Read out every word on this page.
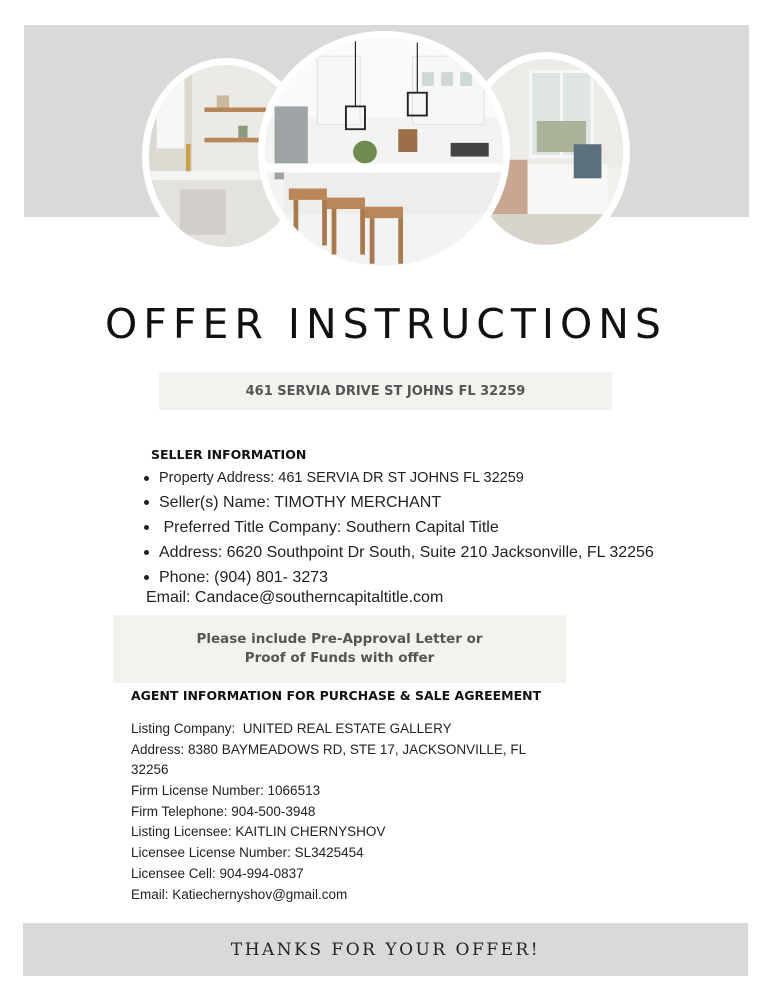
OFFER INSTRUCTIONS
461 SERVIA DRIVE ST JOHNS FL 32259
SELLER INFORMATION
Property Address: 461 SERVIA DR ST JOHNS FL 32259
Seller(s) Name: TIMOTHY MERCHANT
Preferred Title Company: Southern Capital Title
Address: 6620 Southpoint Dr South, Suite 210 Jacksonville, FL 32256
Phone: (904) 801- 3273
Email: Candace@southerncapitaltitle.com
Please include Pre-Approval Letter or
Proof of Funds with offer
AGENT INFORMATION FOR PURCHASE & SALE AGREEMENT
Listing Company:  UNITED REAL ESTATE GALLERY
Address: 8380 BAYMEADOWS RD, STE 17, JACKSONVILLE, FL
32256
Firm License Number: 1066513
Firm Telephone: 904-500-3948
Listing Licensee: KAITLIN CHERNYSHOV
Licensee License Number: SL3425454
Licensee Cell: 904-994-0837
Email: Katiechernyshov@gmail.com
THANKS FOR YOUR OFFER!
